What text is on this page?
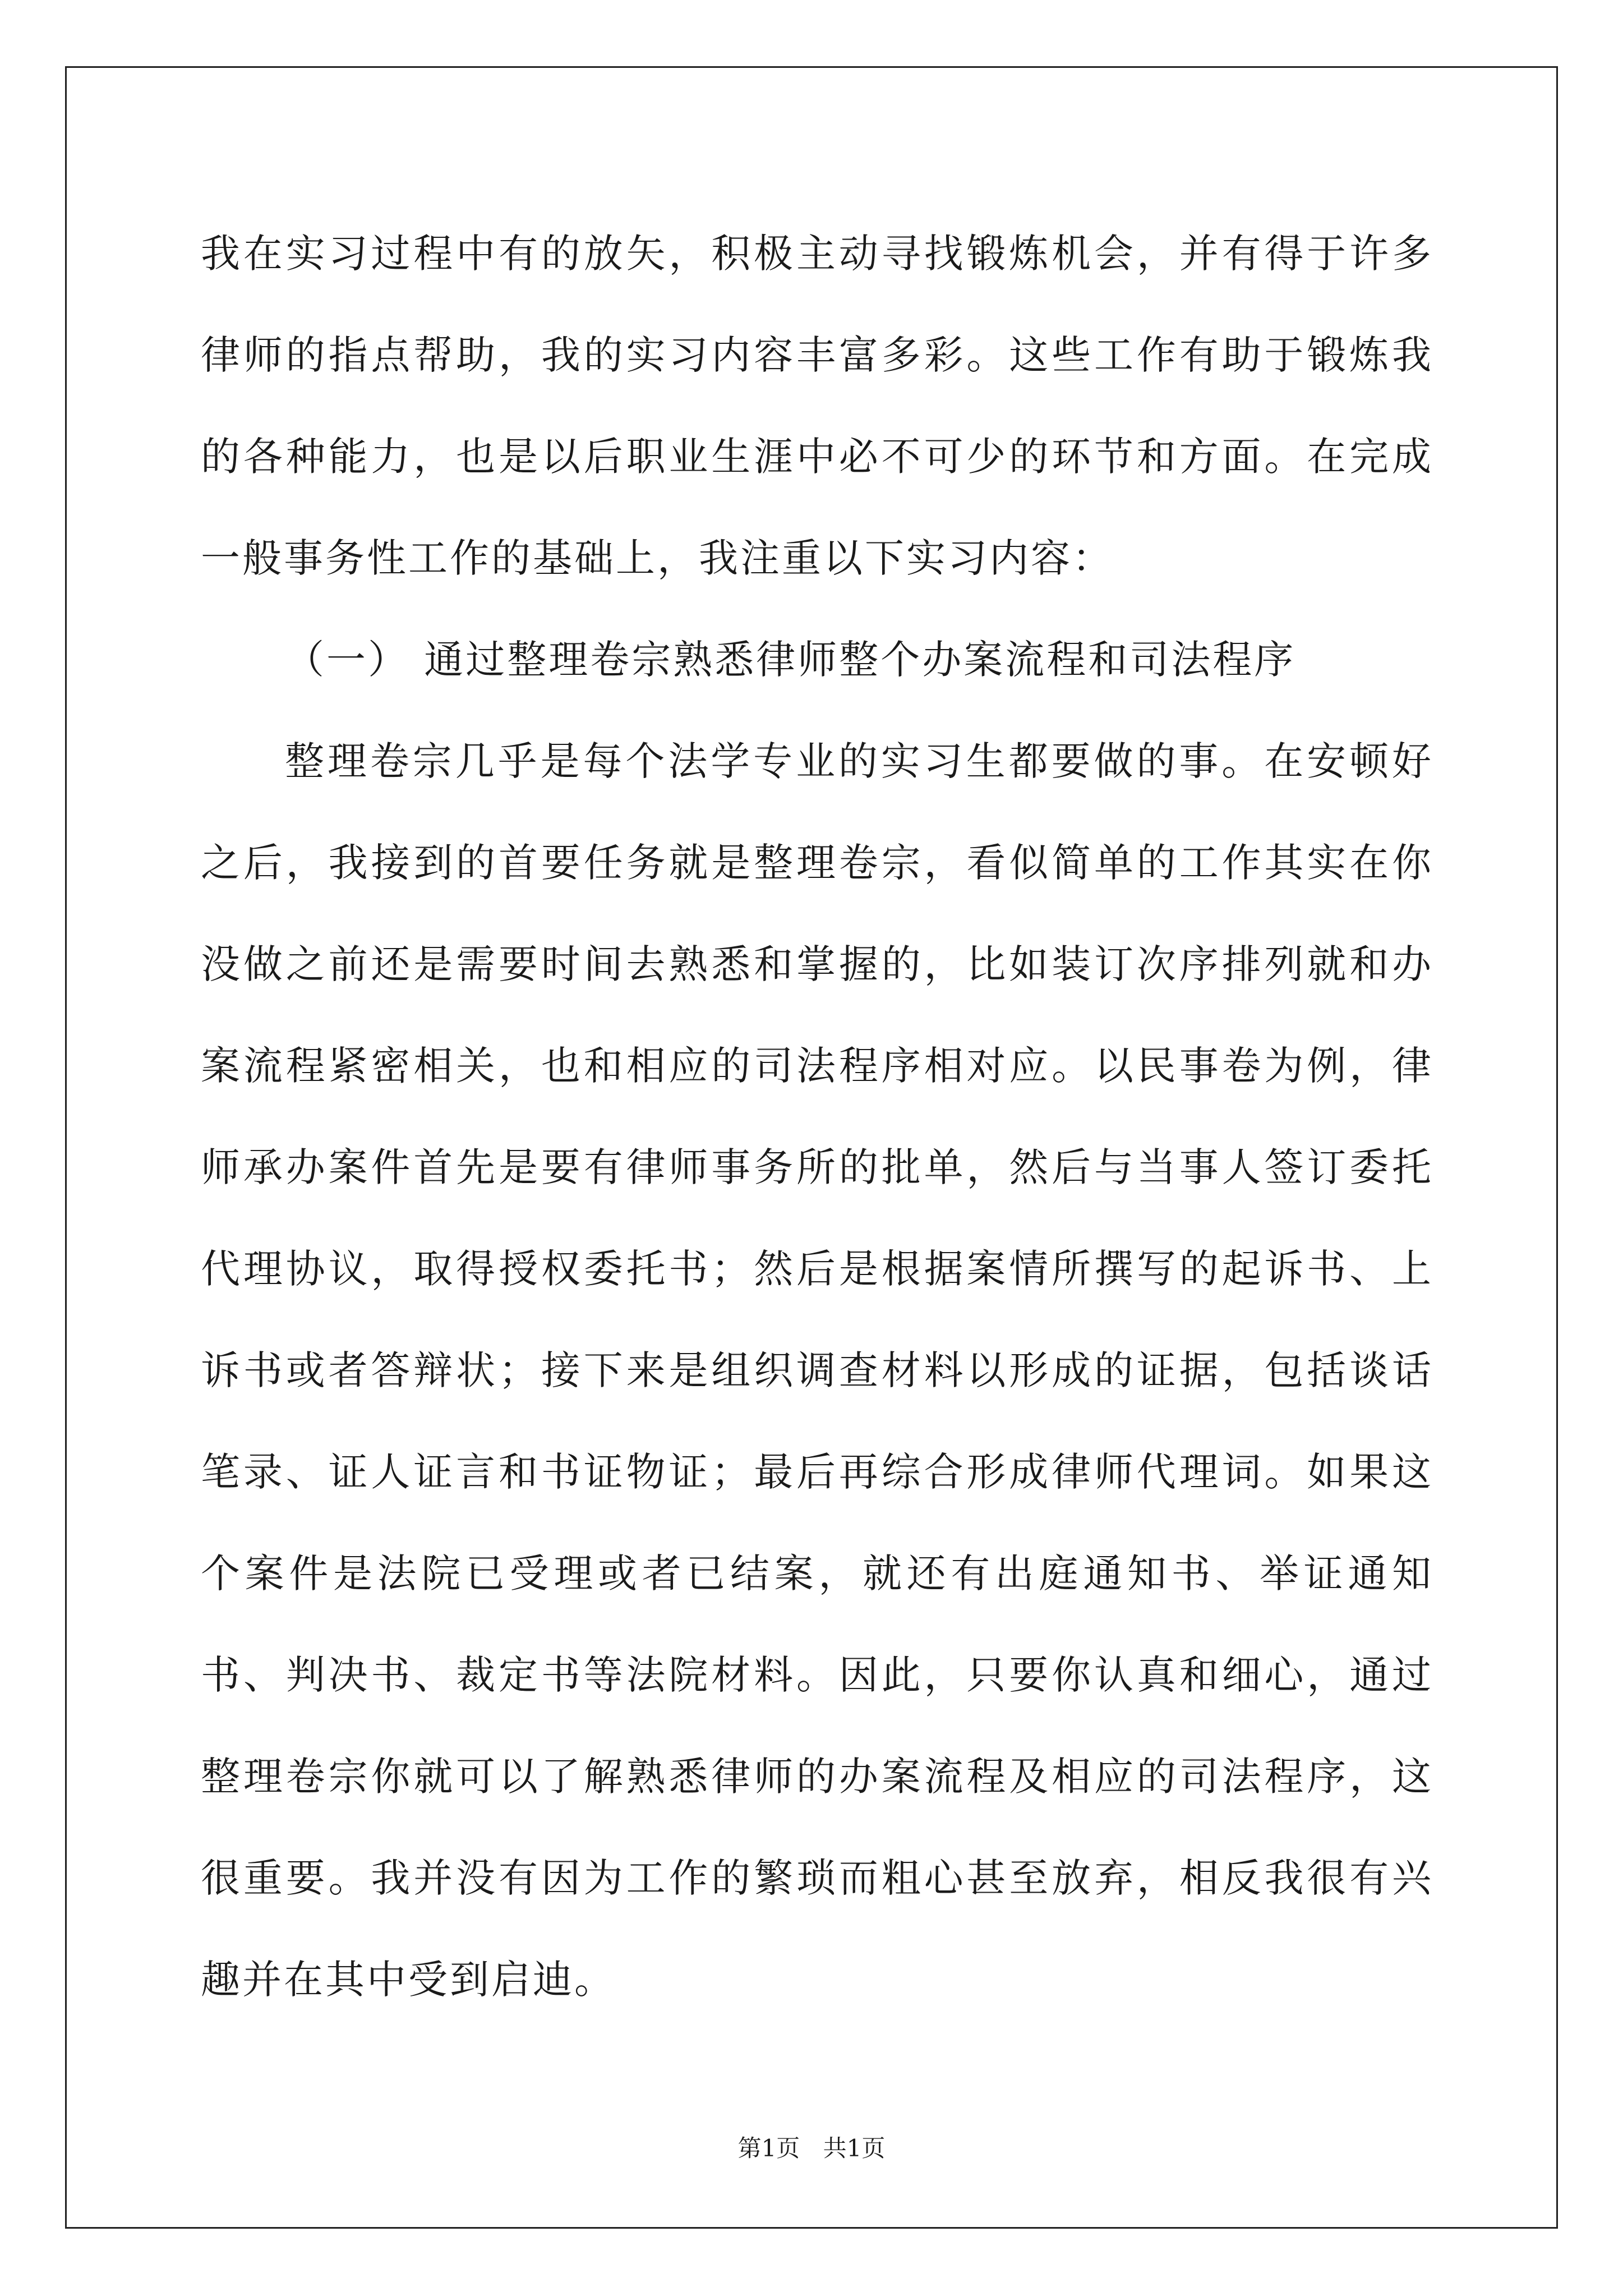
我在实习过程中有的放矢，积极主动寻找锻炼机会，并有得于许多律师的指点帮助，我的实习内容丰富多彩。这些工作有助于锻炼我的各种能力，也是以后职业生涯中必不可少的环节和方面。在完成一般事务性工作的基础上，我注重以下实习内容：

（一） 通过整理卷宗熟悉律师整个办案流程和司法程序

整理卷宗几乎是每个法学专业的实习生都要做的事。在安顿好之后，我接到的首要任务就是整理卷宗，看似简单的工作其实在你没做之前还是需要时间去熟悉和掌握的，比如装订次序排列就和办案流程紧密相关，也和相应的司法程序相对应。以民事卷为例，律师承办案件首先是要有律师事务所的批单，然后与当事人签订委托代理协议，取得授权委托书；然后是根据案情所撰写的起诉书、上诉书或者答辩状；接下来是组织调查材料以形成的证据，包括谈话笔录、证人证言和书证物证；最后再综合形成律师代理词。如果这个案件是法院已受理或者已结案，就还有出庭通知书、举证通知书、判决书、裁定书等法院材料。因此，只要你认真和细心，通过整理卷宗你就可以了解熟悉律师的办案流程及相应的司法程序，这很重要。我并没有因为工作的繁琐而粗心甚至放弃，相反我很有兴趣并在其中受到启迪。

第1页 共1页
